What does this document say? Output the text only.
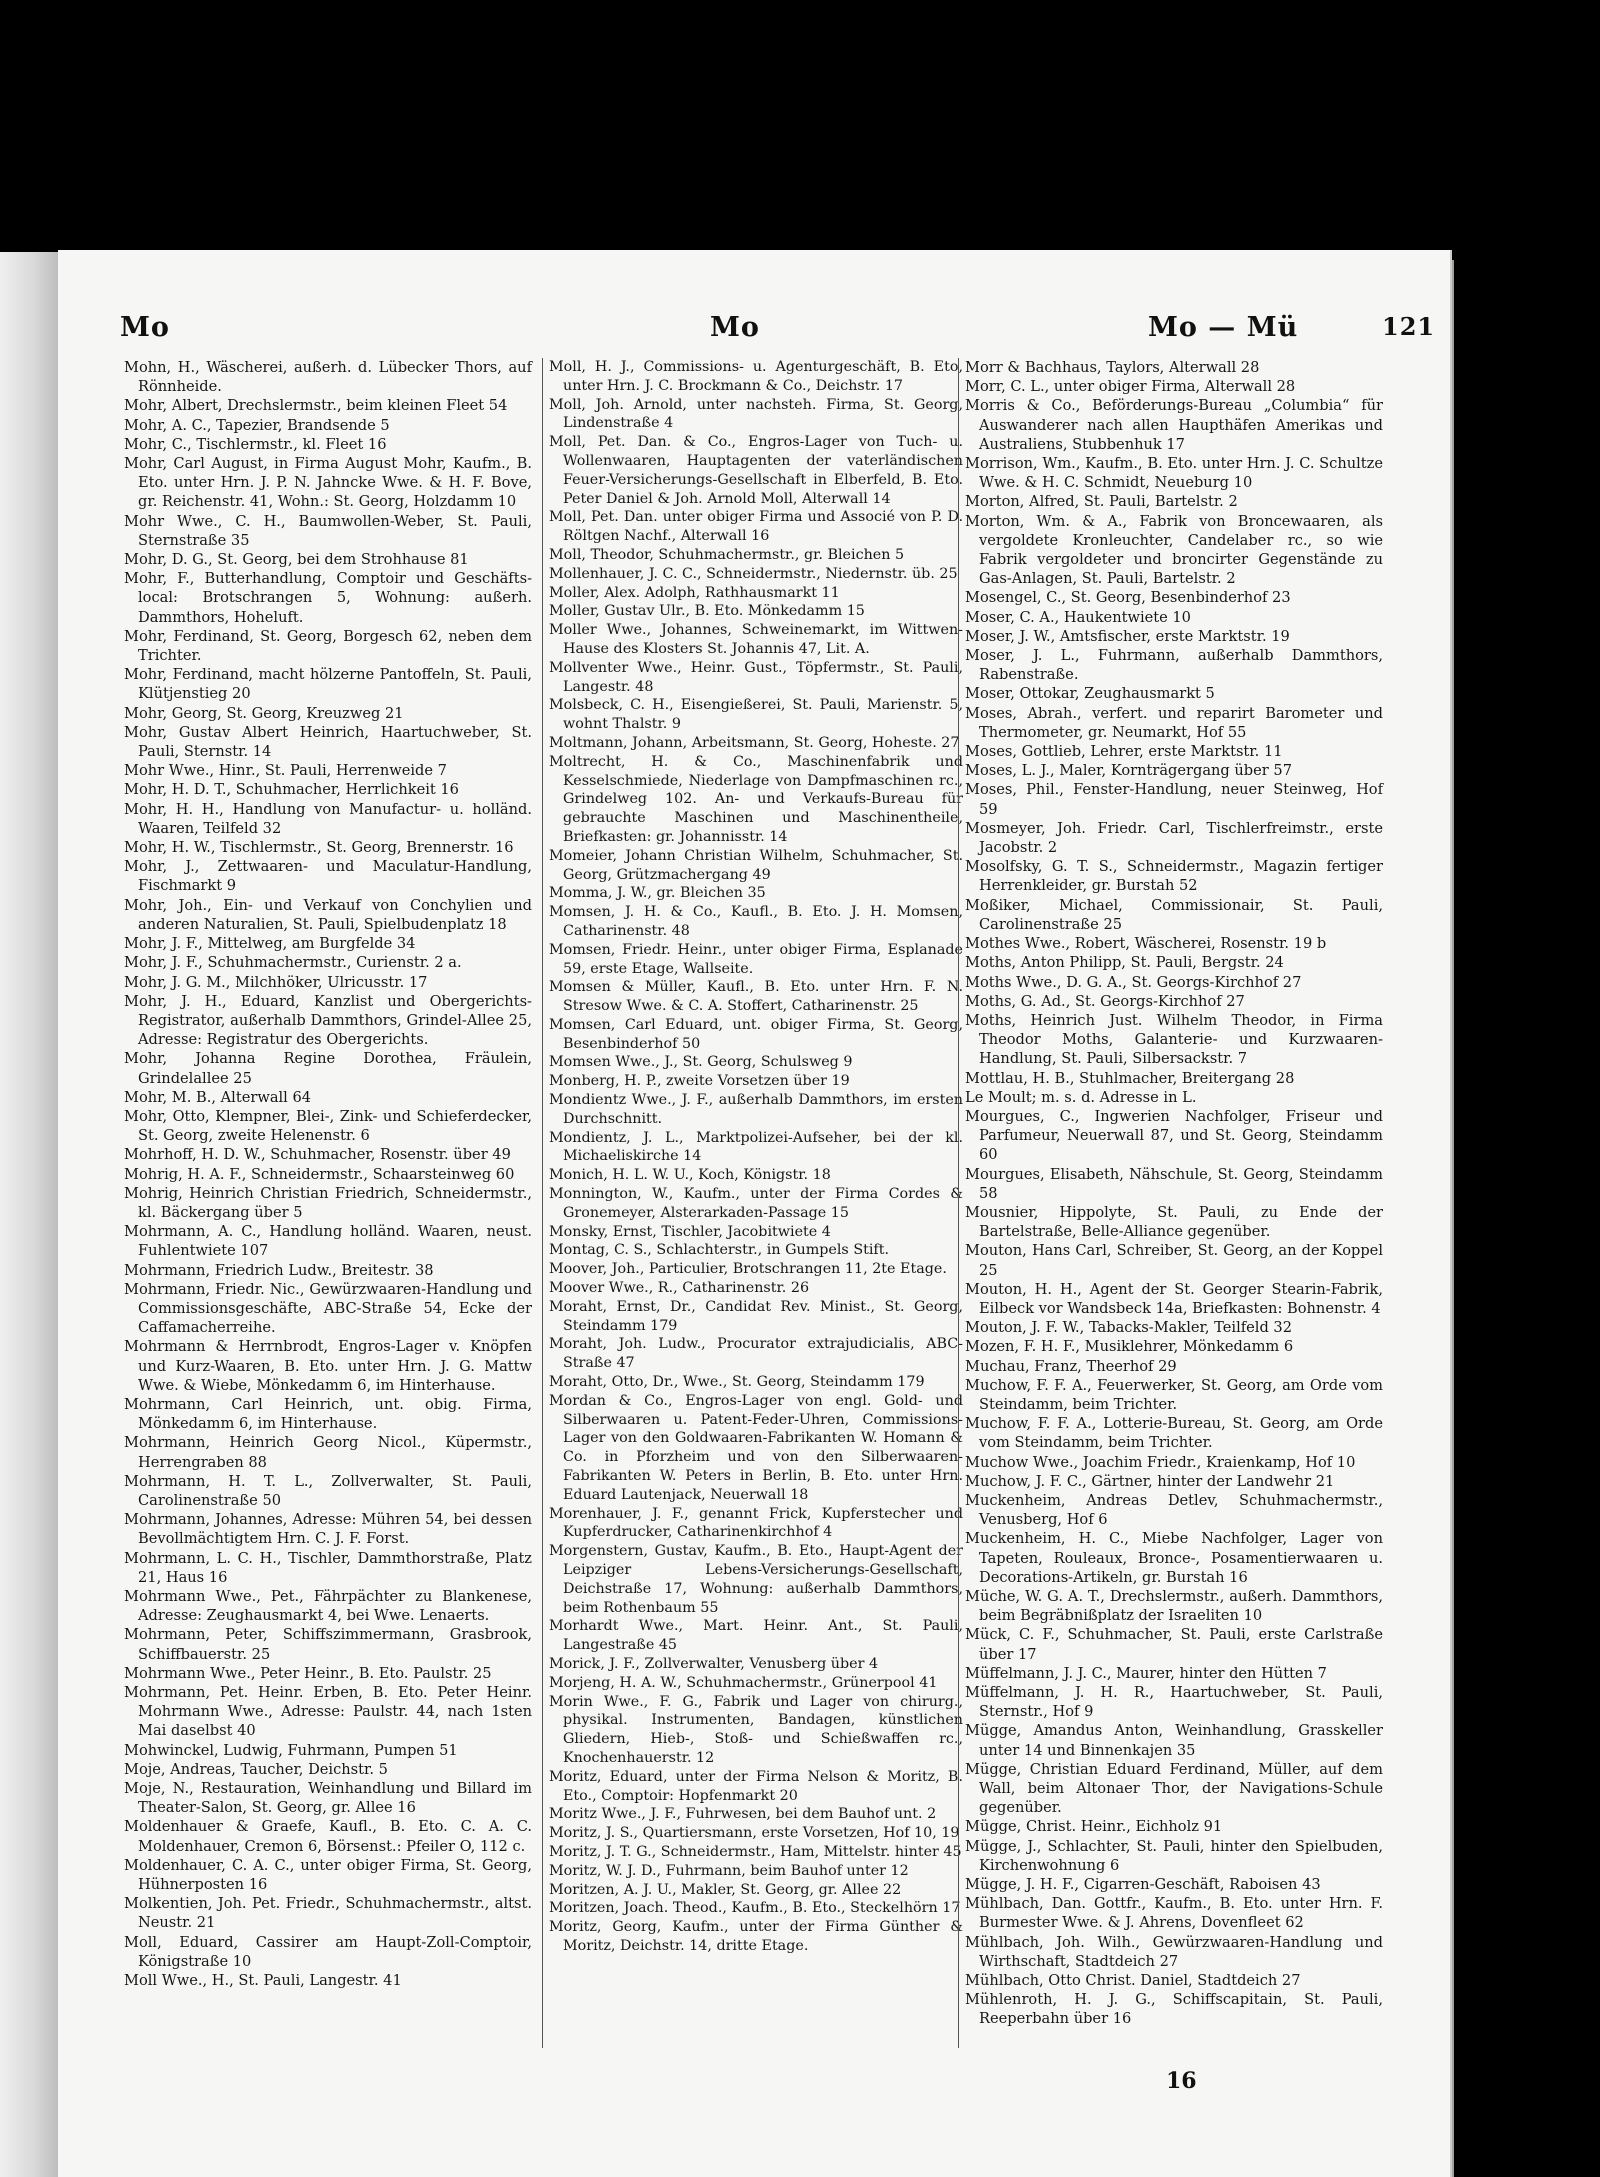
Mo	Mo	Mo — Mü	121

Mohn, H., Wäscherei, außerh. d. Lübecker Thors, auf Rönnheide.

Mohr, Albert, Drechslermstr., beim kleinen Fleet 54

Mohr, A. C., Tapezier, Brandsende 5

Mohr, C., Tischlermstr., kl. Fleet 16

Mohr, Carl August, in Firma August Mohr, Kaufm., B. Eto. unter Hrn. J. P. N. Jahncke Wwe. & H. F. Bove, gr. Reichenstr. 41, Wohn.: St. Georg, Holzdamm 10

Mohr Wwe., C. H., Baumwollen-Weber, St. Pauli, Sternstraße 35

Mohr, D. G., St. Georg, bei dem Strohhause 81

Mohr, F., Butterhandlung, Comptoir und Geschäfts-local: Brotschrangen 5, Wohnung: außerh. Dammthors, Hoheluft.

Mohr, Ferdinand, St. Georg, Borgesch 62, neben dem Trichter.

Mohr, Ferdinand, macht hölzerne Pantoffeln, St. Pauli, Klütjenstieg 20

Mohr, Georg, St. Georg, Kreuzweg 21

Mohr, Gustav Albert Heinrich, Haartuchweber, St. Pauli, Sternstr. 14

Mohr Wwe., Hinr., St. Pauli, Herrenweide 7

Mohr, H. D. T., Schuhmacher, Herrlichkeit 16

Mohr, H. H., Handlung von Manufactur- u. holländ. Waaren, Teilfeld 32

Mohr, H. W., Tischlermstr., St. Georg, Brennerstr. 16

Mohr, J., Zettwaaren- und Maculatur-Handlung, Fischmarkt 9

Mohr, Joh., Ein- und Verkauf von Conchylien und anderen Naturalien, St. Pauli, Spielbudenplatz 18

Mohr, J. F., Mittelweg, am Burgfelde 34

Mohr, J. F., Schuhmachermstr., Curienstr. 2 a.

Mohr, J. G. M., Milchhöker, Ulricusstr. 17

Mohr, J. H., Eduard, Kanzlist und Obergerichts-Registrator, außerhalb Dammthors, Grindel-Allee 25, Adresse: Registratur des Obergerichts.

Mohr, Johanna Regine Dorothea, Fräulein, Grindelallee 25

Mohr, M. B., Alterwall 64

Mohr, Otto, Klempner, Blei-, Zink- und Schieferdecker, St. Georg, zweite Helenenstr. 6

Mohrhoff, H. D. W., Schuhmacher, Rosenstr. über 49

Mohrig, H. A. F., Schneidermstr., Schaarsteinweg 60

Mohrig, Heinrich Christian Friedrich, Schneidermstr., kl. Bäckergang über 5

Mohrmann, A. C., Handlung holländ. Waaren, neust. Fuhlentwiete 107

Mohrmann, Friedrich Ludw., Breitestr. 38

Mohrmann, Friedr. Nic., Gewürzwaaren-Handlung und Commissionsgeschäfte, ABC-Straße 54, Ecke der Caffamacherreihe.

Mohrmann & Herrnbrodt, Engros-Lager v. Knöpfen und Kurz-Waaren, B. Eto. unter Hrn. J. G. Mattw Wwe. & Wiebe, Mönkedamm 6, im Hinterhause.

Mohrmann, Carl Heinrich, unt. obig. Firma, Mönkedamm 6, im Hinterhause.

Mohrmann, Heinrich Georg Nicol., Küpermstr., Herrengraben 88

Mohrmann, H. T. L., Zollverwalter, St. Pauli, Carolinenstraße 50

Mohrmann, Johannes, Adresse: Mühren 54, bei dessen Bevollmächtigtem Hrn. C. J. F. Forst.

Mohrmann, L. C. H., Tischler, Dammthorstraße, Platz 21, Haus 16

Mohrmann Wwe., Pet., Fährpächter zu Blankenese, Adresse: Zeughausmarkt 4, bei Wwe. Lenaerts.

Mohrmann, Peter, Schiffszimmermann, Grasbrook, Schiffbauerstr. 25

Mohrmann Wwe., Peter Heinr., B. Eto. Paulstr. 25

Mohrmann, Pet. Heinr. Erben, B. Eto. Peter Heinr. Mohrmann Wwe., Adresse: Paulstr. 44, nach 1sten Mai daselbst 40

Mohwinckel, Ludwig, Fuhrmann, Pumpen 51

Moje, Andreas, Taucher, Deichstr. 5

Moje, N., Restauration, Weinhandlung und Billard im Theater-Salon, St. Georg, gr. Allee 16

Moldenhauer & Graefe, Kaufl., B. Eto. C. A. C. Moldenhauer, Cremon 6, Börsenst.: Pfeiler O, 112 c.

Moldenhauer, C. A. C., unter obiger Firma, St. Georg, Hühnerposten 16

Molkentien, Joh. Pet. Friedr., Schuhmachermstr., altst. Neustr. 21

Moll, Eduard, Cassirer am Haupt-Zoll-Comptoir, Königstraße 10

Moll Wwe., H., St. Pauli, Langestr. 41

Moll, H. J., Commissions- u. Agenturgeschäft, B. Eto, unter Hrn. J. C. Brockmann & Co., Deichstr. 17

Moll, Joh. Arnold, unter nachsteh. Firma, St. Georg, Lindenstraße 4

Moll, Pet. Dan. & Co., Engros-Lager von Tuch- u. Wollenwaaren, Hauptagenten der vaterländischen Feuer-Versicherungs-Gesellschaft in Elberfeld, B. Eto. Peter Daniel & Joh. Arnold Moll, Alterwall 14

Moll, Pet. Dan. unter obiger Firma und Associé von P. D. Röltgen Nachf., Alterwall 16

Moll, Theodor, Schuhmachermstr., gr. Bleichen 5

Mollenhauer, J. C. C., Schneidermstr., Niedernstr. üb. 25

Moller, Alex. Adolph, Rathhausmarkt 11

Moller, Gustav Ulr., B. Eto. Mönkedamm 15

Moller Wwe., Johannes, Schweinemarkt, im Wittwen-Hause des Klosters St. Johannis 47, Lit. A.

Mollventer Wwe., Heinr. Gust., Töpfermstr., St. Pauli, Langestr. 48

Molsbeck, C. H., Eisengießerei, St. Pauli, Marienstr. 5, wohnt Thalstr. 9

Moltmann, Johann, Arbeitsmann, St. Georg, Hoheste. 27

Moltrecht, H. & Co., Maschinenfabrik und Kesselschmiede, Niederlage von Dampfmaschinen rc., Grindelweg 102. An- und Verkaufs-Bureau für gebrauchte Maschinen und Maschinentheile, Briefkasten: gr. Johannisstr. 14

Momeier, Johann Christian Wilhelm, Schuhmacher, St. Georg, Grützmachergang 49

Momma, J. W., gr. Bleichen 35

Momsen, J. H. & Co., Kaufl., B. Eto. J. H. Momsen, Catharinenstr. 48

Momsen, Friedr. Heinr., unter obiger Firma, Esplanade 59, erste Etage, Wallseite.

Momsen & Müller, Kaufl., B. Eto. unter Hrn. F. N. Stresow Wwe. & C. A. Stoffert, Catharinenstr. 25

Momsen, Carl Eduard, unt. obiger Firma, St. Georg, Besenbinderhof 50

Momsen Wwe., J., St. Georg, Schulsweg 9

Monberg, H. P., zweite Vorsetzen über 19

Mondientz Wwe., J. F., außerhalb Dammthors, im ersten Durchschnitt.

Mondientz, J. L., Marktpolizei-Aufseher, bei der kl. Michaeliskirche 14

Monich, H. L. W. U., Koch, Königstr. 18

Monnington, W., Kaufm., unter der Firma Cordes & Gronemeyer, Alsterarkaden-Passage 15

Monsky, Ernst, Tischler, Jacobitwiete 4

Montag, C. S., Schlachterstr., in Gumpels Stift.

Moover, Joh., Particulier, Brotschrangen 11, 2te Etage.

Moover Wwe., R., Catharinenstr. 26

Moraht, Ernst, Dr., Candidat Rev. Minist., St. Georg, Steindamm 179

Moraht, Joh. Ludw., Procurator extrajudicialis, ABC-Straße 47

Moraht, Otto, Dr., Wwe., St. Georg, Steindamm 179

Mordan & Co., Engros-Lager von engl. Gold- und Silberwaaren u. Patent-Feder-Uhren, Commissions-Lager von den Goldwaaren-Fabrikanten W. Homann & Co. in Pforzheim und von den Silberwaaren-Fabrikanten W. Peters in Berlin, B. Eto. unter Hrn. Eduard Lautenjack, Neuerwall 18

Morenhauer, J. F., genannt Frick, Kupferstecher und Kupferdrucker, Catharinenkirchhof 4

Morgenstern, Gustav, Kaufm., B. Eto., Haupt-Agent der Leipziger Lebens-Versicherungs-Gesellschaft, Deichstraße 17, Wohnung: außerhalb Dammthors, beim Rothenbaum 55

Morhardt Wwe., Mart. Heinr. Ant., St. Pauli, Langestraße 45

Morick, J. F., Zollverwalter, Venusberg über 4

Morjeng, H. A. W., Schuhmachermstr., Grünerpool 41

Morin Wwe., F. G., Fabrik und Lager von chirurg., physikal. Instrumenten, Bandagen, künstlichen Gliedern, Hieb-, Stoß- und Schießwaffen rc., Knochenhauerstr. 12

Moritz, Eduard, unter der Firma Nelson & Moritz, B. Eto., Comptoir: Hopfenmarkt 20

Moritz Wwe., J. F., Fuhrwesen, bei dem Bauhof unt. 2

Moritz, J. S., Quartiersmann, erste Vorsetzen, Hof 10, 19

Moritz, J. T. G., Schneidermstr., Ham, Mittelstr. hinter 45

Moritz, W. J. D., Fuhrmann, beim Bauhof unter 12

Moritzen, A. J. U., Makler, St. Georg, gr. Allee 22

Moritzen, Joach. Theod., Kaufm., B. Eto., Steckelhörn 17

Moritz, Georg, Kaufm., unter der Firma Günther & Moritz, Deichstr. 14, dritte Etage.

Morr & Bachhaus, Taylors, Alterwall 28

Morr, C. L., unter obiger Firma, Alterwall 28

Morris & Co., Beförderungs-Bureau „Columbia“ für Auswanderer nach allen Haupthäfen Amerikas und Australiens, Stubbenhuk 17

Morrison, Wm., Kaufm., B. Eto. unter Hrn. J. C. Schultze Wwe. & H. C. Schmidt, Neueburg 10

Morton, Alfred, St. Pauli, Bartelstr. 2

Morton, Wm. & A., Fabrik von Broncewaaren, als vergoldete Kronleuchter, Candelaber rc., so wie Fabrik vergoldeter und broncirter Gegenstände zu Gas-Anlagen, St. Pauli, Bartelstr. 2

Mosengel, C., St. Georg, Besenbinderhof 23

Moser, C. A., Haukentwiete 10

Moser, J. W., Amtsfischer, erste Marktstr. 19

Moser, J. L., Fuhrmann, außerhalb Dammthors, Rabenstraße.

Moser, Ottokar, Zeughausmarkt 5

Moses, Abrah., verfert. und reparirt Barometer und Thermometer, gr. Neumarkt, Hof 55

Moses, Gottlieb, Lehrer, erste Marktstr. 11

Moses, L. J., Maler, Kornträgergang über 57

Moses, Phil., Fenster-Handlung, neuer Steinweg, Hof 59

Mosmeyer, Joh. Friedr. Carl, Tischlerfreimstr., erste Jacobstr. 2

Mosolfsky, G. T. S., Schneidermstr., Magazin fertiger Herrenkleider, gr. Burstah 52

Moßiker, Michael, Commissionair, St. Pauli, Carolinenstraße 25

Mothes Wwe., Robert, Wäscherei, Rosenstr. 19 b

Moths, Anton Philipp, St. Pauli, Bergstr. 24

Moths Wwe., D. G. A., St. Georgs-Kirchhof 27

Moths, G. Ad., St. Georgs-Kirchhof 27

Moths, Heinrich Just. Wilhelm Theodor, in Firma Theodor Moths, Galanterie- und Kurzwaaren-Handlung, St. Pauli, Silbersackstr. 7

Mottlau, H. B., Stuhlmacher, Breitergang 28

Le Moult; m. s. d. Adresse in L.

Mourgues, C., Ingwerien Nachfolger, Friseur und Parfumeur, Neuerwall 87, und St. Georg, Steindamm 60

Mourgues, Elisabeth, Nähschule, St. Georg, Steindamm 58

Mousnier, Hippolyte, St. Pauli, zu Ende der Bartelstraße, Belle-Alliance gegenüber.

Mouton, Hans Carl, Schreiber, St. Georg, an der Koppel 25

Mouton, H. H., Agent der St. Georger Stearin-Fabrik, Eilbeck vor Wandsbeck 14a, Briefkasten: Bohnenstr. 4

Mouton, J. F. W., Tabacks-Makler, Teilfeld 32

Mozen, F. H. F., Musiklehrer, Mönkedamm 6

Muchau, Franz, Theerhof 29

Muchow, F. F. A., Feuerwerker, St. Georg, am Orde vom Steindamm, beim Trichter.

Muchow, F. F. A., Lotterie-Bureau, St. Georg, am Orde vom Steindamm, beim Trichter.

Muchow Wwe., Joachim Friedr., Kraienkamp, Hof 10

Muchow, J. F. C., Gärtner, hinter der Landwehr 21

Muckenheim, Andreas Detlev, Schuhmachermstr., Venusberg, Hof 6

Muckenheim, H. C., Miebe Nachfolger, Lager von Tapeten, Rouleaux, Bronce-, Posamentierwaaren u. Decorations-Artikeln, gr. Burstah 16

Müche, W. G. A. T., Drechslermstr., außerh. Dammthors, beim Begräbnißplatz der Israeliten 10

Mück, C. F., Schuhmacher, St. Pauli, erste Carlstraße über 17

Müffelmann, J. J. C., Maurer, hinter den Hütten 7

Müffelmann, J. H. R., Haartuchweber, St. Pauli, Sternstr., Hof 9

Mügge, Amandus Anton, Weinhandlung, Grasskeller unter 14 und Binnenkajen 35

Mügge, Christian Eduard Ferdinand, Müller, auf dem Wall, beim Altonaer Thor, der Navigations-Schule gegenüber.

Mügge, Christ. Heinr., Eichholz 91

Mügge, J., Schlachter, St. Pauli, hinter den Spielbuden, Kirchenwohnung 6

Mügge, J. H. F., Cigarren-Geschäft, Raboisen 43

Mühlbach, Dan. Gottfr., Kaufm., B. Eto. unter Hrn. F. Burmester Wwe. & J. Ahrens, Dovenfleet 62

Mühlbach, Joh. Wilh., Gewürzwaaren-Handlung und Wirthschaft, Stadtdeich 27

Mühlbach, Otto Christ. Daniel, Stadtdeich 27

Mühlenroth, H. J. G., Schiffscapitain, St. Pauli, Reeperbahn über 16

16
